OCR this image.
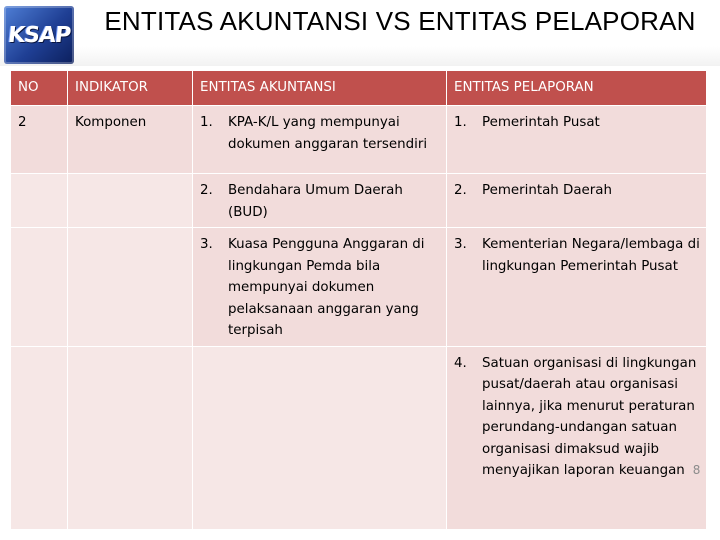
KSAP	ENTITAS AKUNTANSI VS ENTITAS PELAPORAN
NO	INDIKATOR	ENTITAS AKUNTANSI	ENTITAS PELAPORAN

2	Komponen	1. KPA-K/L yang mempunyai dokumen anggaran tersendiri	1. Pemerintah Pusat

		2. Bendahara Umum Daerah (BUD)	2. Pemerintah Daerah

		3. Kuasa Pengguna Anggaran di lingkungan Pemda bila mempunyai dokumen pelaksanaan anggaran yang terpisah	3. Kementerian Negara/lembaga di lingkungan Pemerintah Pusat

			4. Satuan organisasi di lingkungan pusat/daerah atau organisasi lainnya, jika menurut peraturan perundang-undangan satuan organisasi dimaksud wajib menyajikan laporan keuangan 8
